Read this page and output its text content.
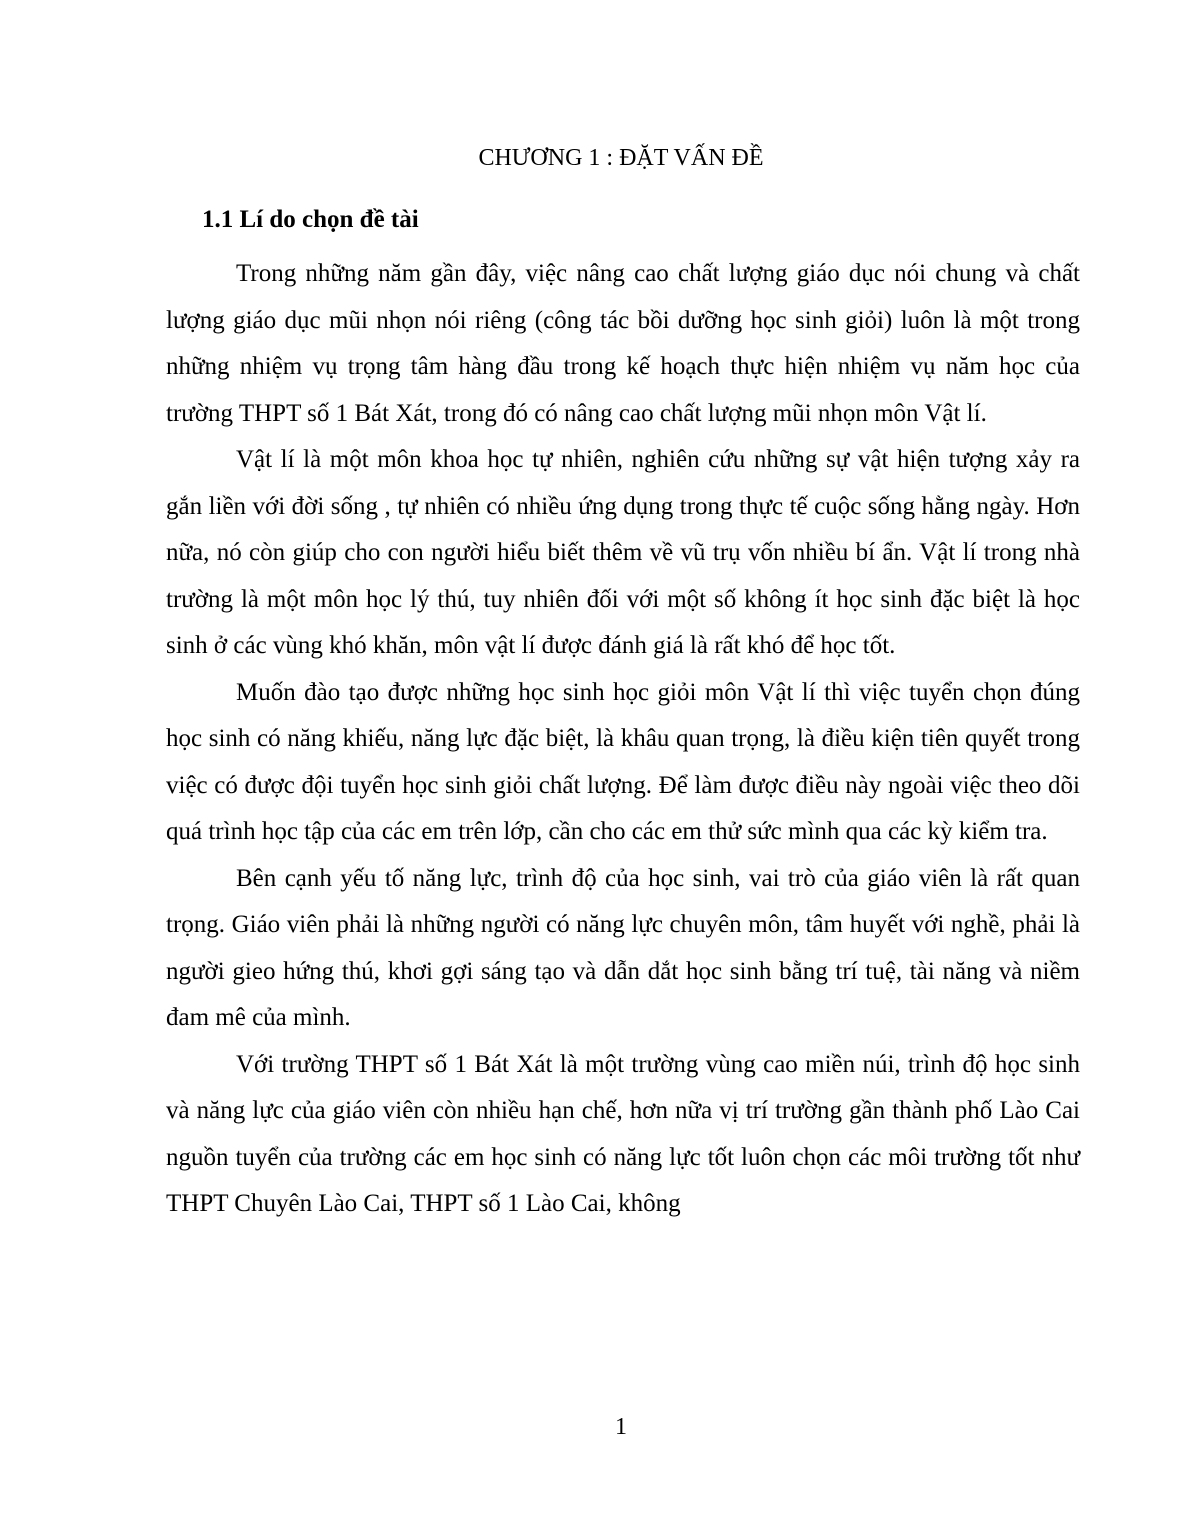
CHƯƠNG 1 : ĐẶT VẤN ĐỀ
1.1 Lí do chọn đề tài

Trong những năm gần đây, việc nâng cao chất lượng giáo dục nói chung và chất lượng giáo dục mũi nhọn nói riêng (công tác bồi dưỡng học sinh giỏi) luôn là một trong những nhiệm vụ trọng tâm hàng đầu trong kế hoạch thực hiện nhiệm vụ năm học của trường THPT số 1 Bát Xát, trong đó có nâng cao chất lượng mũi nhọn môn Vật lí.

Vật lí là một môn khoa học tự nhiên, nghiên cứu những sự vật hiện tượng xảy ra gắn liền với đời sống , tự nhiên có nhiều ứng dụng trong thực tế cuộc sống hằng ngày. Hơn nữa, nó còn giúp cho con người hiểu biết thêm về vũ trụ vốn nhiều bí ẩn. Vật lí trong nhà trường là một môn học lý thú, tuy nhiên đối với một số không ít học sinh đặc biệt là học sinh ở các vùng khó khăn, môn vật lí được đánh giá là rất khó để học tốt.

Muốn đào tạo được những học sinh học giỏi môn Vật lí thì việc tuyển chọn đúng học sinh có năng khiếu, năng lực đặc biệt, là khâu quan trọng, là điều kiện tiên quyết trong việc có được đội tuyển học sinh giỏi chất lượng. Để làm được điều này ngoài việc theo dõi quá trình học tập của các em trên lớp, cần cho các em thử sức mình qua các kỳ kiểm tra.

Bên cạnh yếu tố năng lực, trình độ của học sinh, vai trò của giáo viên là rất quan trọng. Giáo viên phải là những người có năng lực chuyên môn, tâm huyết với nghề, phải là người gieo hứng thú, khơi gợi sáng tạo và dẫn dắt học sinh bằng trí tuệ, tài năng và niềm đam mê của mình.

Với trường THPT số 1 Bát Xát là một trường vùng cao miền núi, trình độ học sinh và năng lực của giáo viên còn nhiều hạn chế, hơn nữa vị trí trường gần thành phố Lào Cai nguồn tuyển của trường các em học sinh có năng lực tốt luôn chọn các môi trường tốt như THPT Chuyên Lào Cai, THPT số 1 Lào Cai, không

1
